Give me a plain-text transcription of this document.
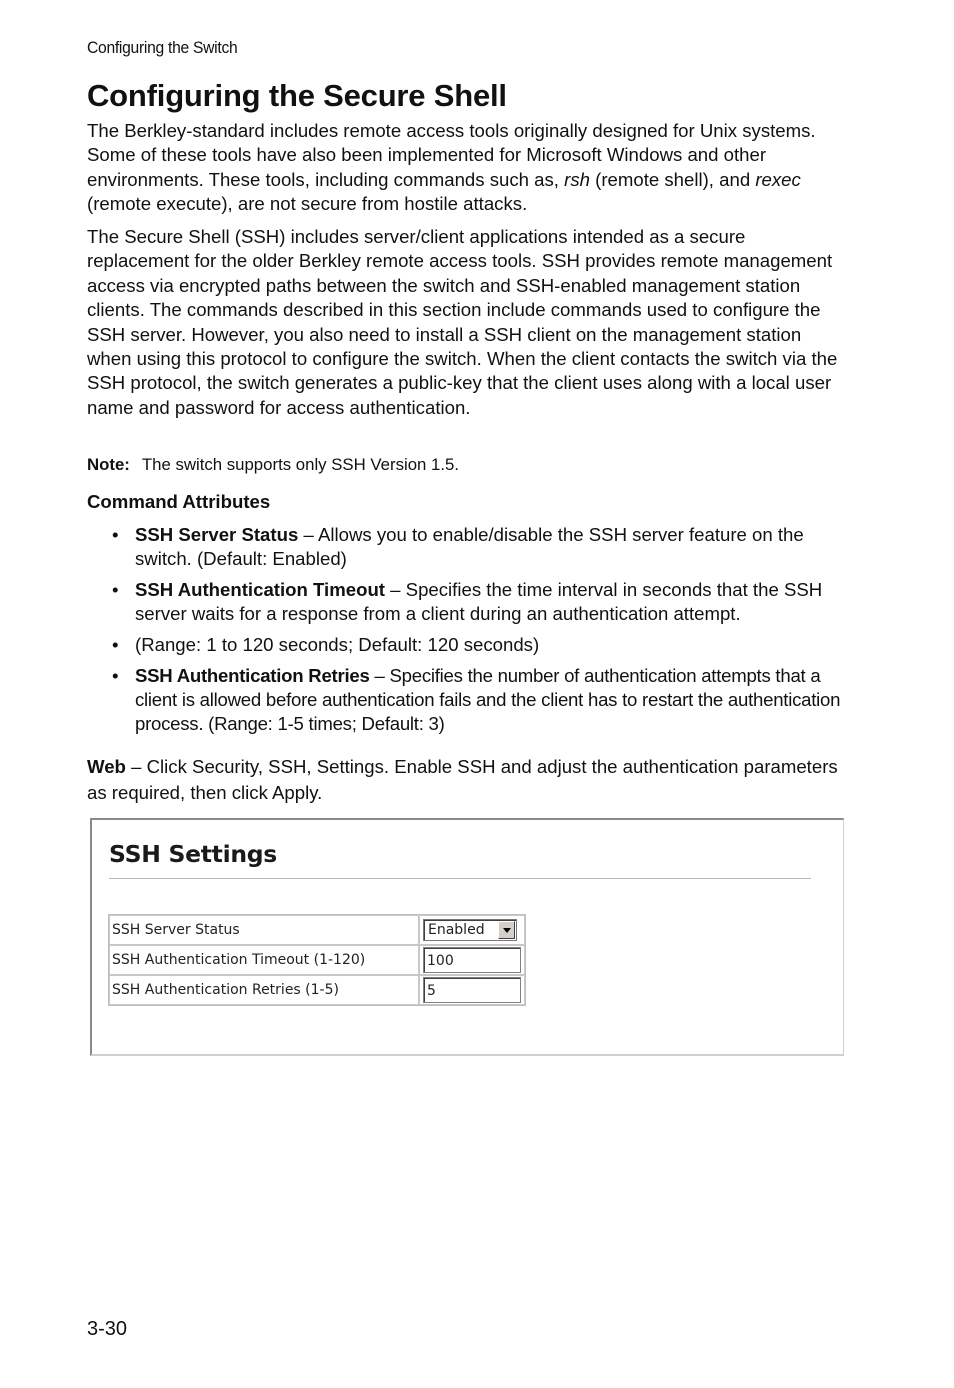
Configuring the Switch
Configuring the Secure Shell

The Berkley-standard includes remote access tools originally designed for Unix systems. Some of these tools have also been implemented for Microsoft Windows and other environments. These tools, including commands such as, rsh (remote shell), and rexec (remote execute), are not secure from hostile attacks.

The Secure Shell (SSH) includes server/client applications intended as a secure replacement for the older Berkley remote access tools. SSH provides remote management access via encrypted paths between the switch and SSH-enabled management station clients. The commands described in this section include commands used to configure the SSH server. However, you also need to install a SSH client on the management station when using this protocol to configure the switch. When the client contacts the switch via the SSH protocol, the switch generates a public-key that the client uses along with a local user name and password for access authentication.

Note: The switch supports only SSH Version 1.5.
Command Attributes
• SSH Server Status – Allows you to enable/disable the SSH server feature on the switch. (Default: Enabled)
• SSH Authentication Timeout – Specifies the time interval in seconds that the SSH server waits for a response from a client during an authentication attempt.
• (Range: 1 to 120 seconds; Default: 120 seconds)
• SSH Authentication Retries – Specifies the number of authentication attempts that a client is allowed before authentication fails and the client has to restart the authentication process. (Range: 1-5 times; Default: 3)

Web – Click Security, SSH, Settings. Enable SSH and adjust the authentication parameters as required, then click Apply.

SSH Settings
SSH Server Status	Enabled

SSH Authentication Timeout (1-120)	100
SSH Authentication Retries (1-5)	5
3-30
